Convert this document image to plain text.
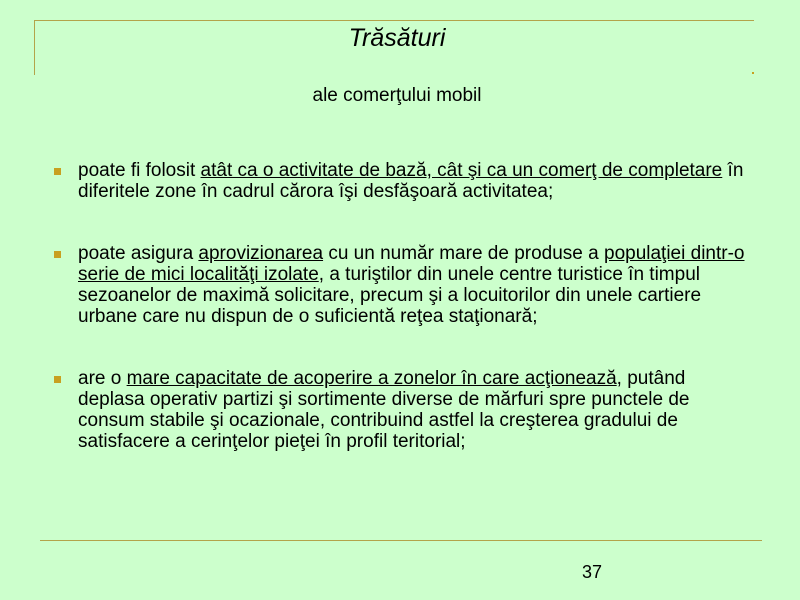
Trăsături
ale comerţului mobil
poate fi folosit atât ca o activitate de bază, cât şi ca un comerţ de completare în diferitele zone în cadrul cărora îşi desfăşoară activitatea;
poate asigura aprovizionarea cu un număr mare de produse a populaţiei dintr-o serie de mici localităţi izolate, a turiştilor din unele centre turistice în timpul sezoanelor de maximă solicitare, precum şi a locuitorilor din unele cartiere urbane care nu dispun de o suficientă reţea staţionară;
are o mare capacitate de acoperire a zonelor în care acţionează, putând deplasa operativ partizi şi sortimente diverse de mărfuri spre punctele de consum stabile şi ocazionale, contribuind astfel la creşterea gradului de satisfacere a cerinţelor pieţei în profil teritorial;
37
